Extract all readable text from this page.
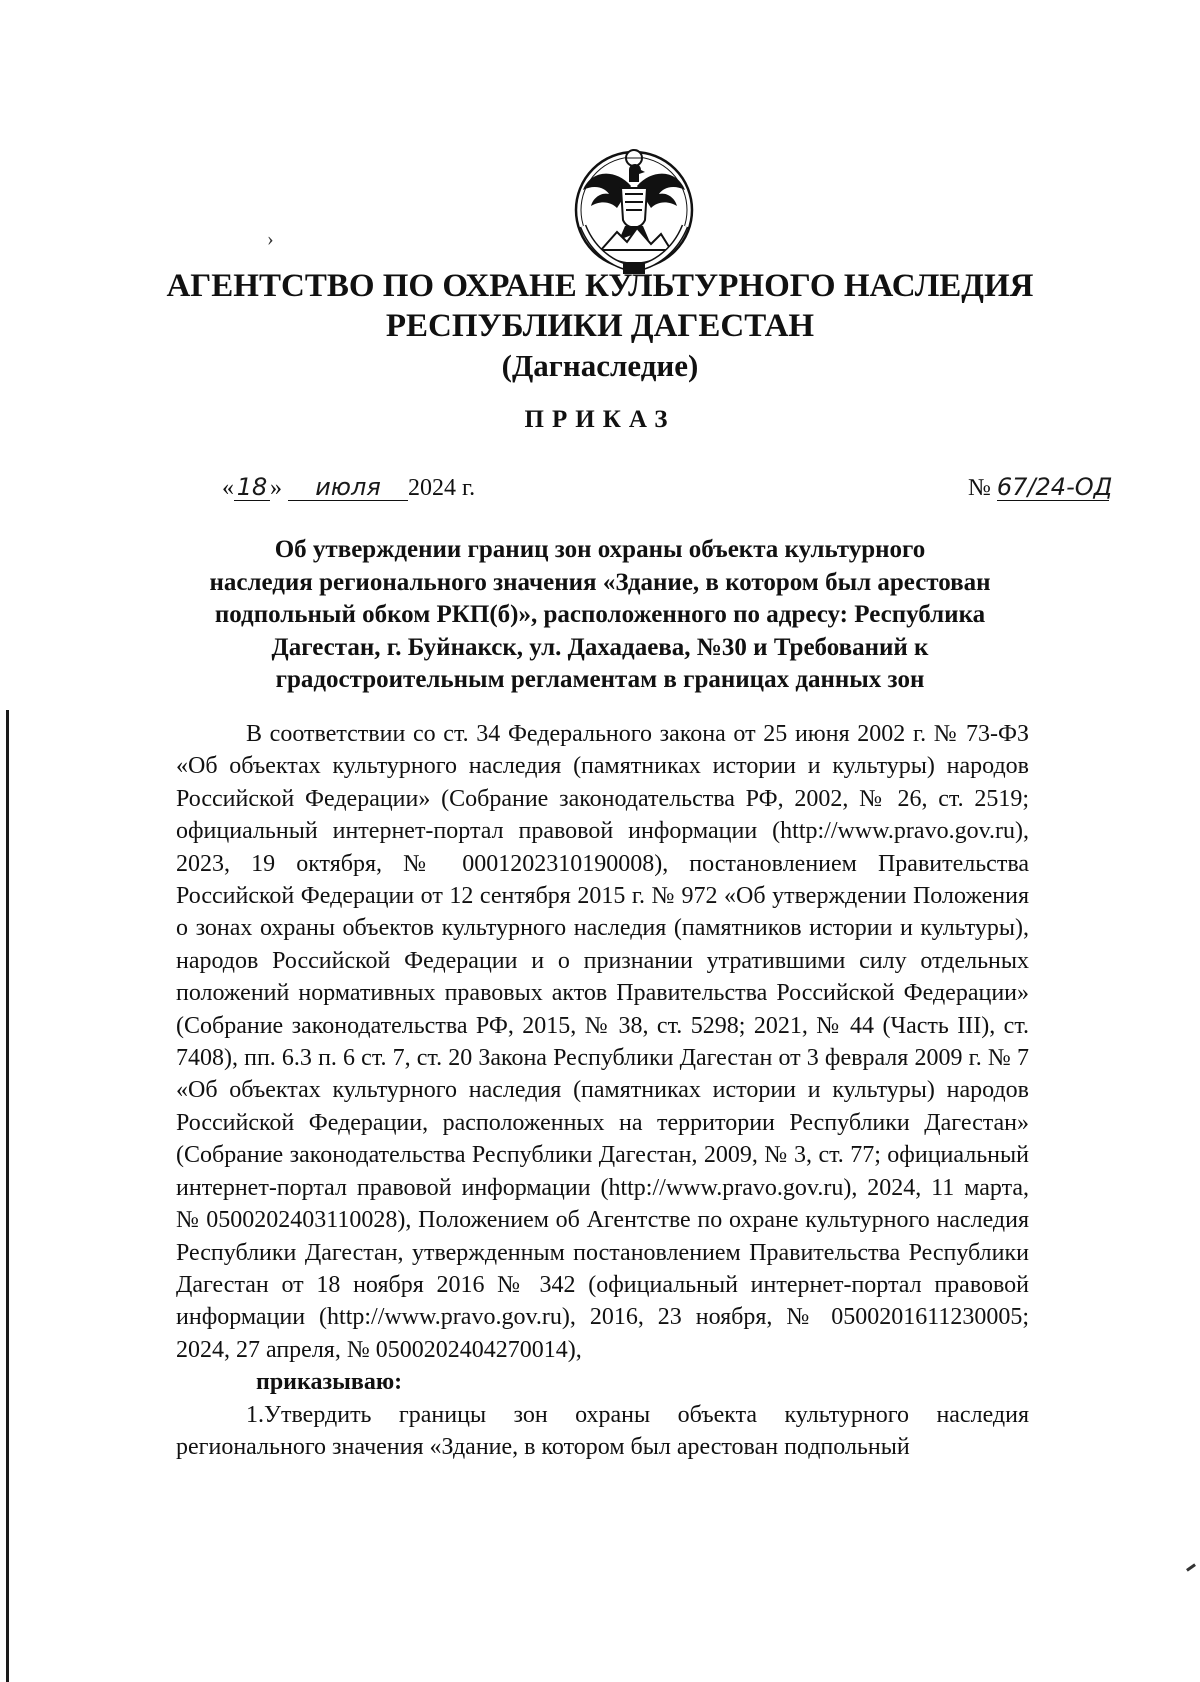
›
АГЕНТСТВО ПО ОХРАНЕ КУЛЬТУРНОГО НАСЛЕДИЯ
РЕСПУБЛИКИ ДАГЕСТАН
(Дагнаследие)
ПРИКАЗ
« 18 » июля 2024 г.	№ 67/24-ОД
Об утверждении границ зон охраны объекта культурного
наследия регионального значения «Здание, в котором был арестован
подпольный обком РКП(б)», расположенного по адресу: Республика
Дагестан, г. Буйнакск, ул. Дахадаева, №30 и Требований к
градостроительным регламентам в границах данных зон

В соответствии со ст. 34 Федерального закона от 25 июня 2002 г. № 73-ФЗ «Об объектах культурного наследия (памятниках истории и культуры) народов Российской Федерации» (Собрание законодательства РФ, 2002, № 26, ст. 2519; официальный интернет-портал правовой информации (http://www.pravo.gov.ru), 2023, 19 октября, № 0001202310190008), постановлением Правительства Российской Федерации от 12 сентября 2015 г. № 972 «Об утверждении Положения о зонах охраны объектов культурного наследия (памятников истории и культуры), народов Российской Федерации и о признании утратившими силу отдельных положений нормативных правовых актов Правительства Российской Федерации» (Собрание законодательства РФ, 2015, № 38, ст. 5298; 2021, № 44 (Часть III), ст. 7408), пп. 6.3 п. 6 ст. 7, ст. 20 Закона Республики Дагестан от 3 февраля 2009 г. № 7 «Об объектах культурного наследия (памятниках истории и культуры) народов Российской Федерации, расположенных на территории Республики Дагестан» (Собрание законодательства Республики Дагестан, 2009, № 3, ст. 77; официальный интернет-портал правовой информации (http://www.pravo.gov.ru), 2024, 11 марта, № 0500202403110028), Положением об Агентстве по охране культурного наследия Республики Дагестан, утвержденным постановлением Правительства Республики Дагестан от 18 ноября 2016 № 342 (официальный интернет-портал правовой информации (http://www.pravo.gov.ru), 2016, 23 ноября, № 0500201611230005; 2024, 27 апреля, № 0500202404270014),

приказываю:

1.Утвердить границы зон охраны объекта культурного наследия регионального значения «Здание, в котором был арестован подпольный
